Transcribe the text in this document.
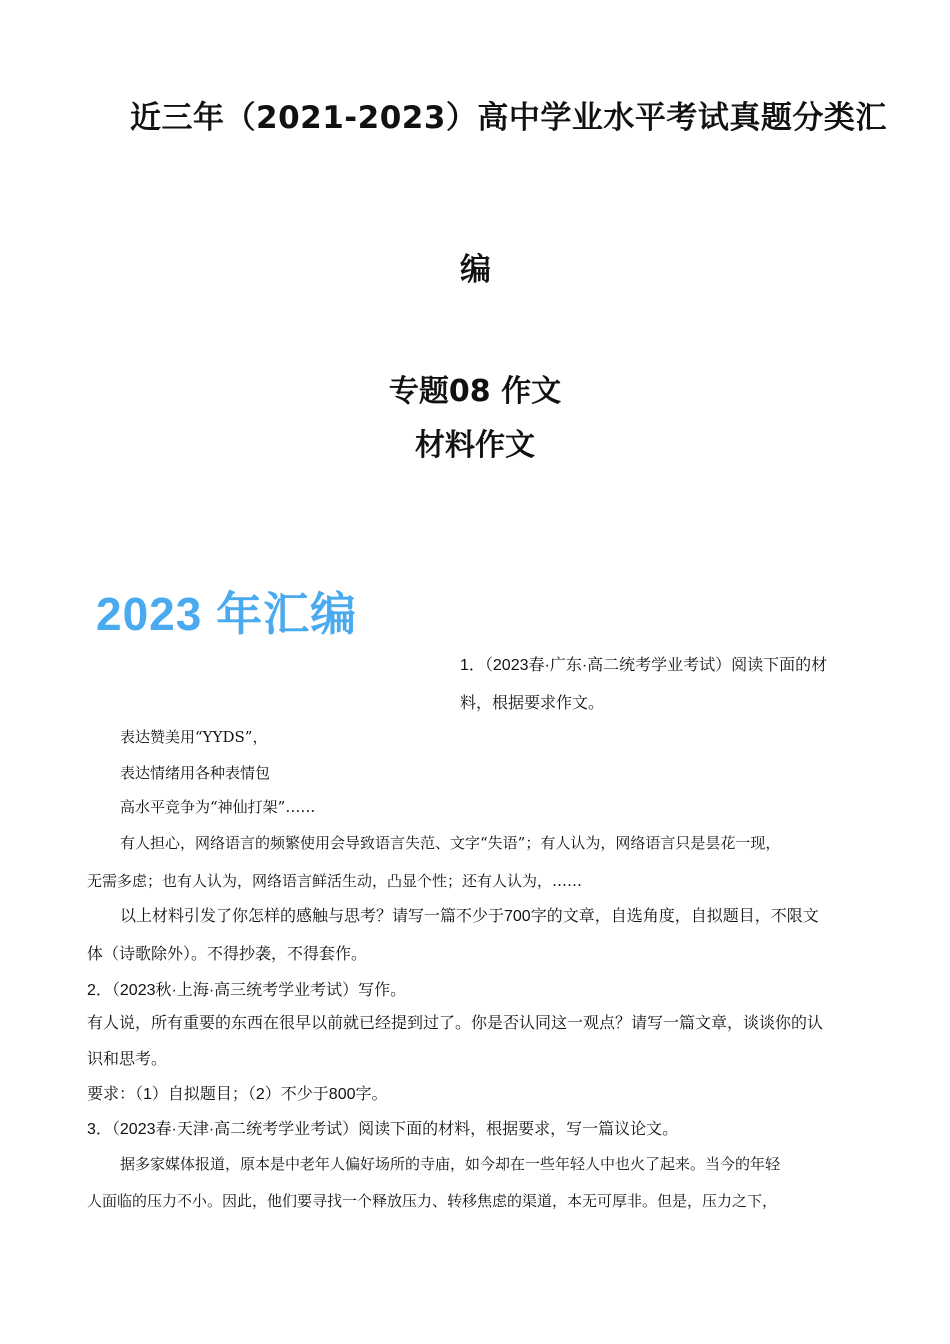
近三年（2021-2023）高中学业水平考试真题分类汇
编
专题08 作文
材料作文
2023 年汇编
1．（2023春·广东·高二统考学业考试）阅读下面的材
料，根据要求作文。
表达赞美用“YYDS”，
表达情绪用各种表情包
高水平竞争为“神仙打架”……
有人担心，网络语言的频繁使用会导致语言失范、文字“失语”；有人认为，网络语言只是昙花一现，
无需多虑；也有人认为，网络语言鲜活生动，凸显个性；还有人认为，……
以上材料引发了你怎样的感触与思考？请写一篇不少于700字的文章，自选角度，自拟题目，不限文
体（诗歌除外）。不得抄袭，不得套作。
2．（2023秋·上海·高三统考学业考试）写作。
有人说，所有重要的东西在很早以前就已经提到过了。你是否认同这一观点？请写一篇文章，谈谈你的认
识和思考。
要求：（1）自拟题目；（2）不少于800字。
3．（2023春·天津·高二统考学业考试）阅读下面的材料，根据要求，写一篇议论文。
据多家媒体报道，原本是中老年人偏好场所的寺庙，如今却在一些年轻人中也火了起来。当今的年轻
人面临的压力不小。因此，他们要寻找一个释放压力、转移焦虑的渠道，本无可厚非。但是，压力之下，
